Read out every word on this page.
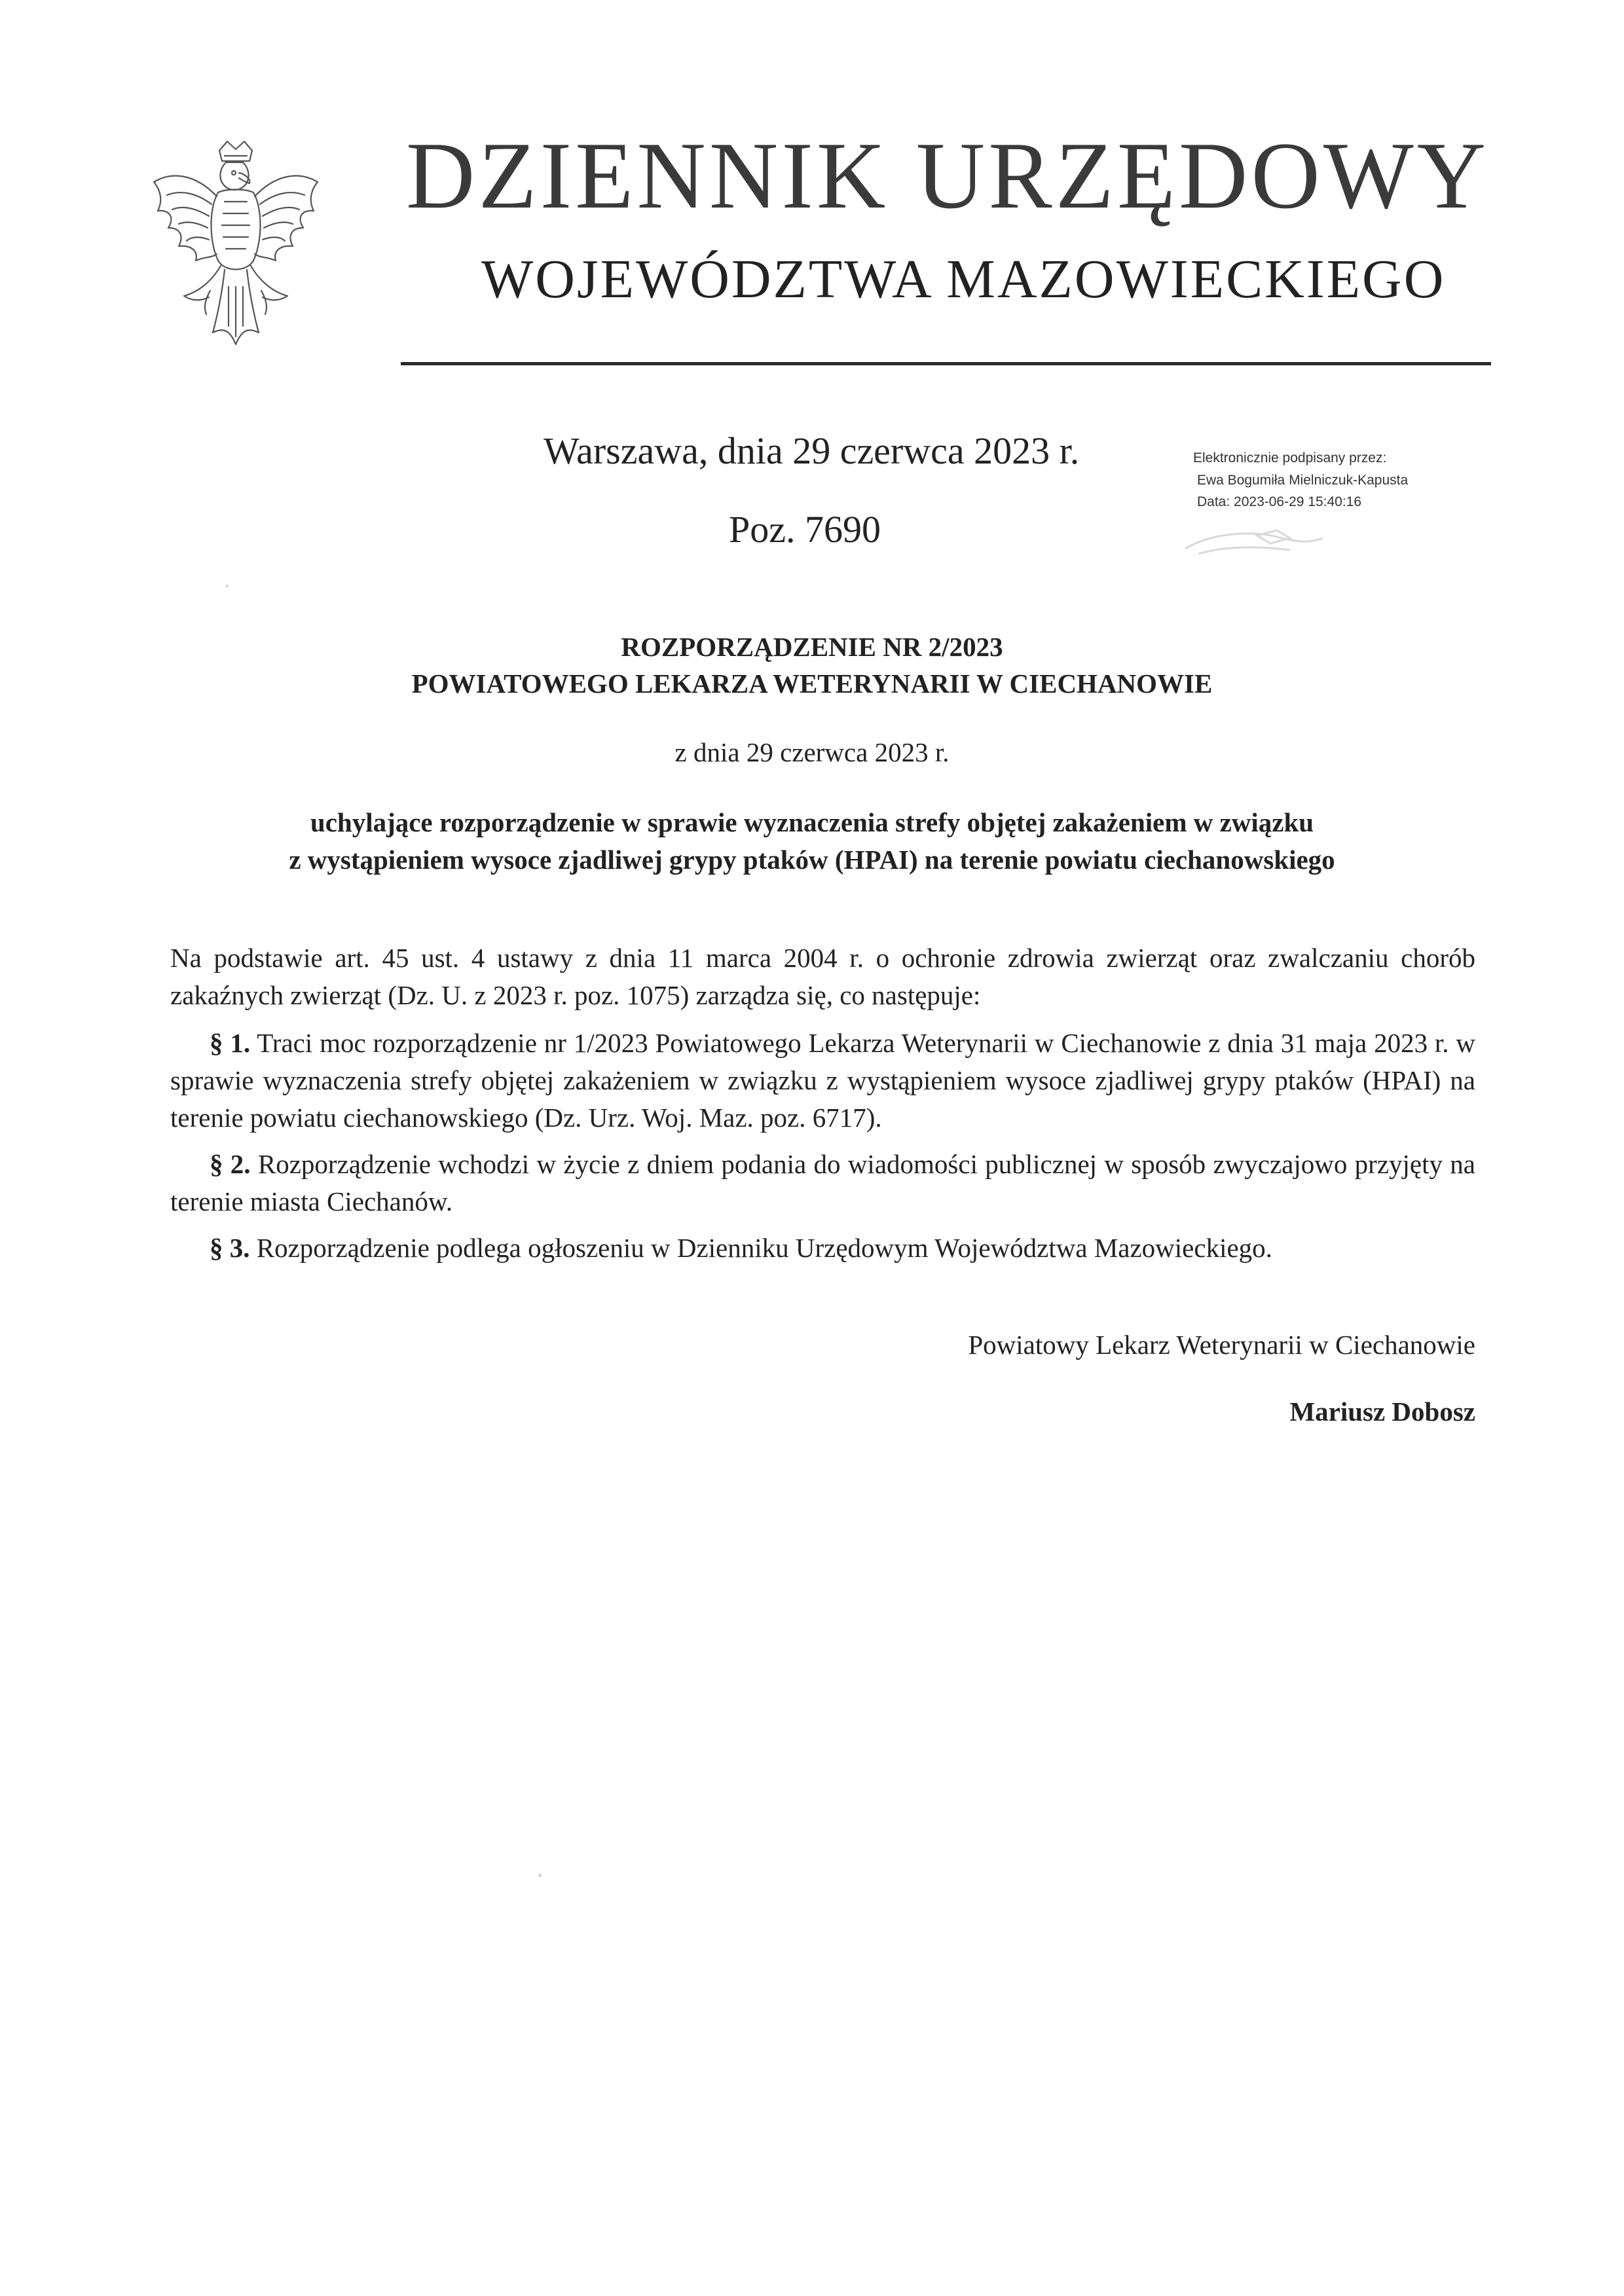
DZIENNIK URZĘDOWY
WOJEWÓDZTWA MAZOWIECKIEGO
Warszawa, dnia 29 czerwca 2023 r.
Poz. 7690
Elektronicznie podpisany przez:
Ewa Bogumiła Mielniczuk-Kapusta
Data: 2023-06-29 15:40:16
ROZPORZĄDZENIE NR 2/2023
POWIATOWEGO LEKARZA WETERYNARII W CIECHANOWIE
z dnia 29 czerwca 2023 r.
uchylające rozporządzenie w sprawie wyznaczenia strefy objętej zakażeniem w związku
z wystąpieniem wysoce zjadliwej grypy ptaków (HPAI) na terenie powiatu ciechanowskiego
Na podstawie art. 45 ust. 4 ustawy z dnia 11 marca 2004 r. o ochronie zdrowia zwierząt oraz zwalczaniu chorób zakaźnych zwierząt (Dz. U. z 2023 r. poz. 1075) zarządza się, co następuje:
§ 1. Traci moc rozporządzenie nr 1/2023 Powiatowego Lekarza Weterynarii w Ciechanowie z dnia 31 maja 2023 r. w sprawie wyznaczenia strefy objętej zakażeniem w związku z wystąpieniem wysoce zjadliwej grypy ptaków (HPAI) na terenie powiatu ciechanowskiego (Dz. Urz. Woj. Maz. poz. 6717).
§ 2. Rozporządzenie wchodzi w życie z dniem podania do wiadomości publicznej w sposób zwyczajowo przyjęty na terenie miasta Ciechanów.
§ 3. Rozporządzenie podlega ogłoszeniu w Dzienniku Urzędowym Województwa Mazowieckiego.
Powiatowy Lekarz Weterynarii w Ciechanowie
Mariusz Dobosz
